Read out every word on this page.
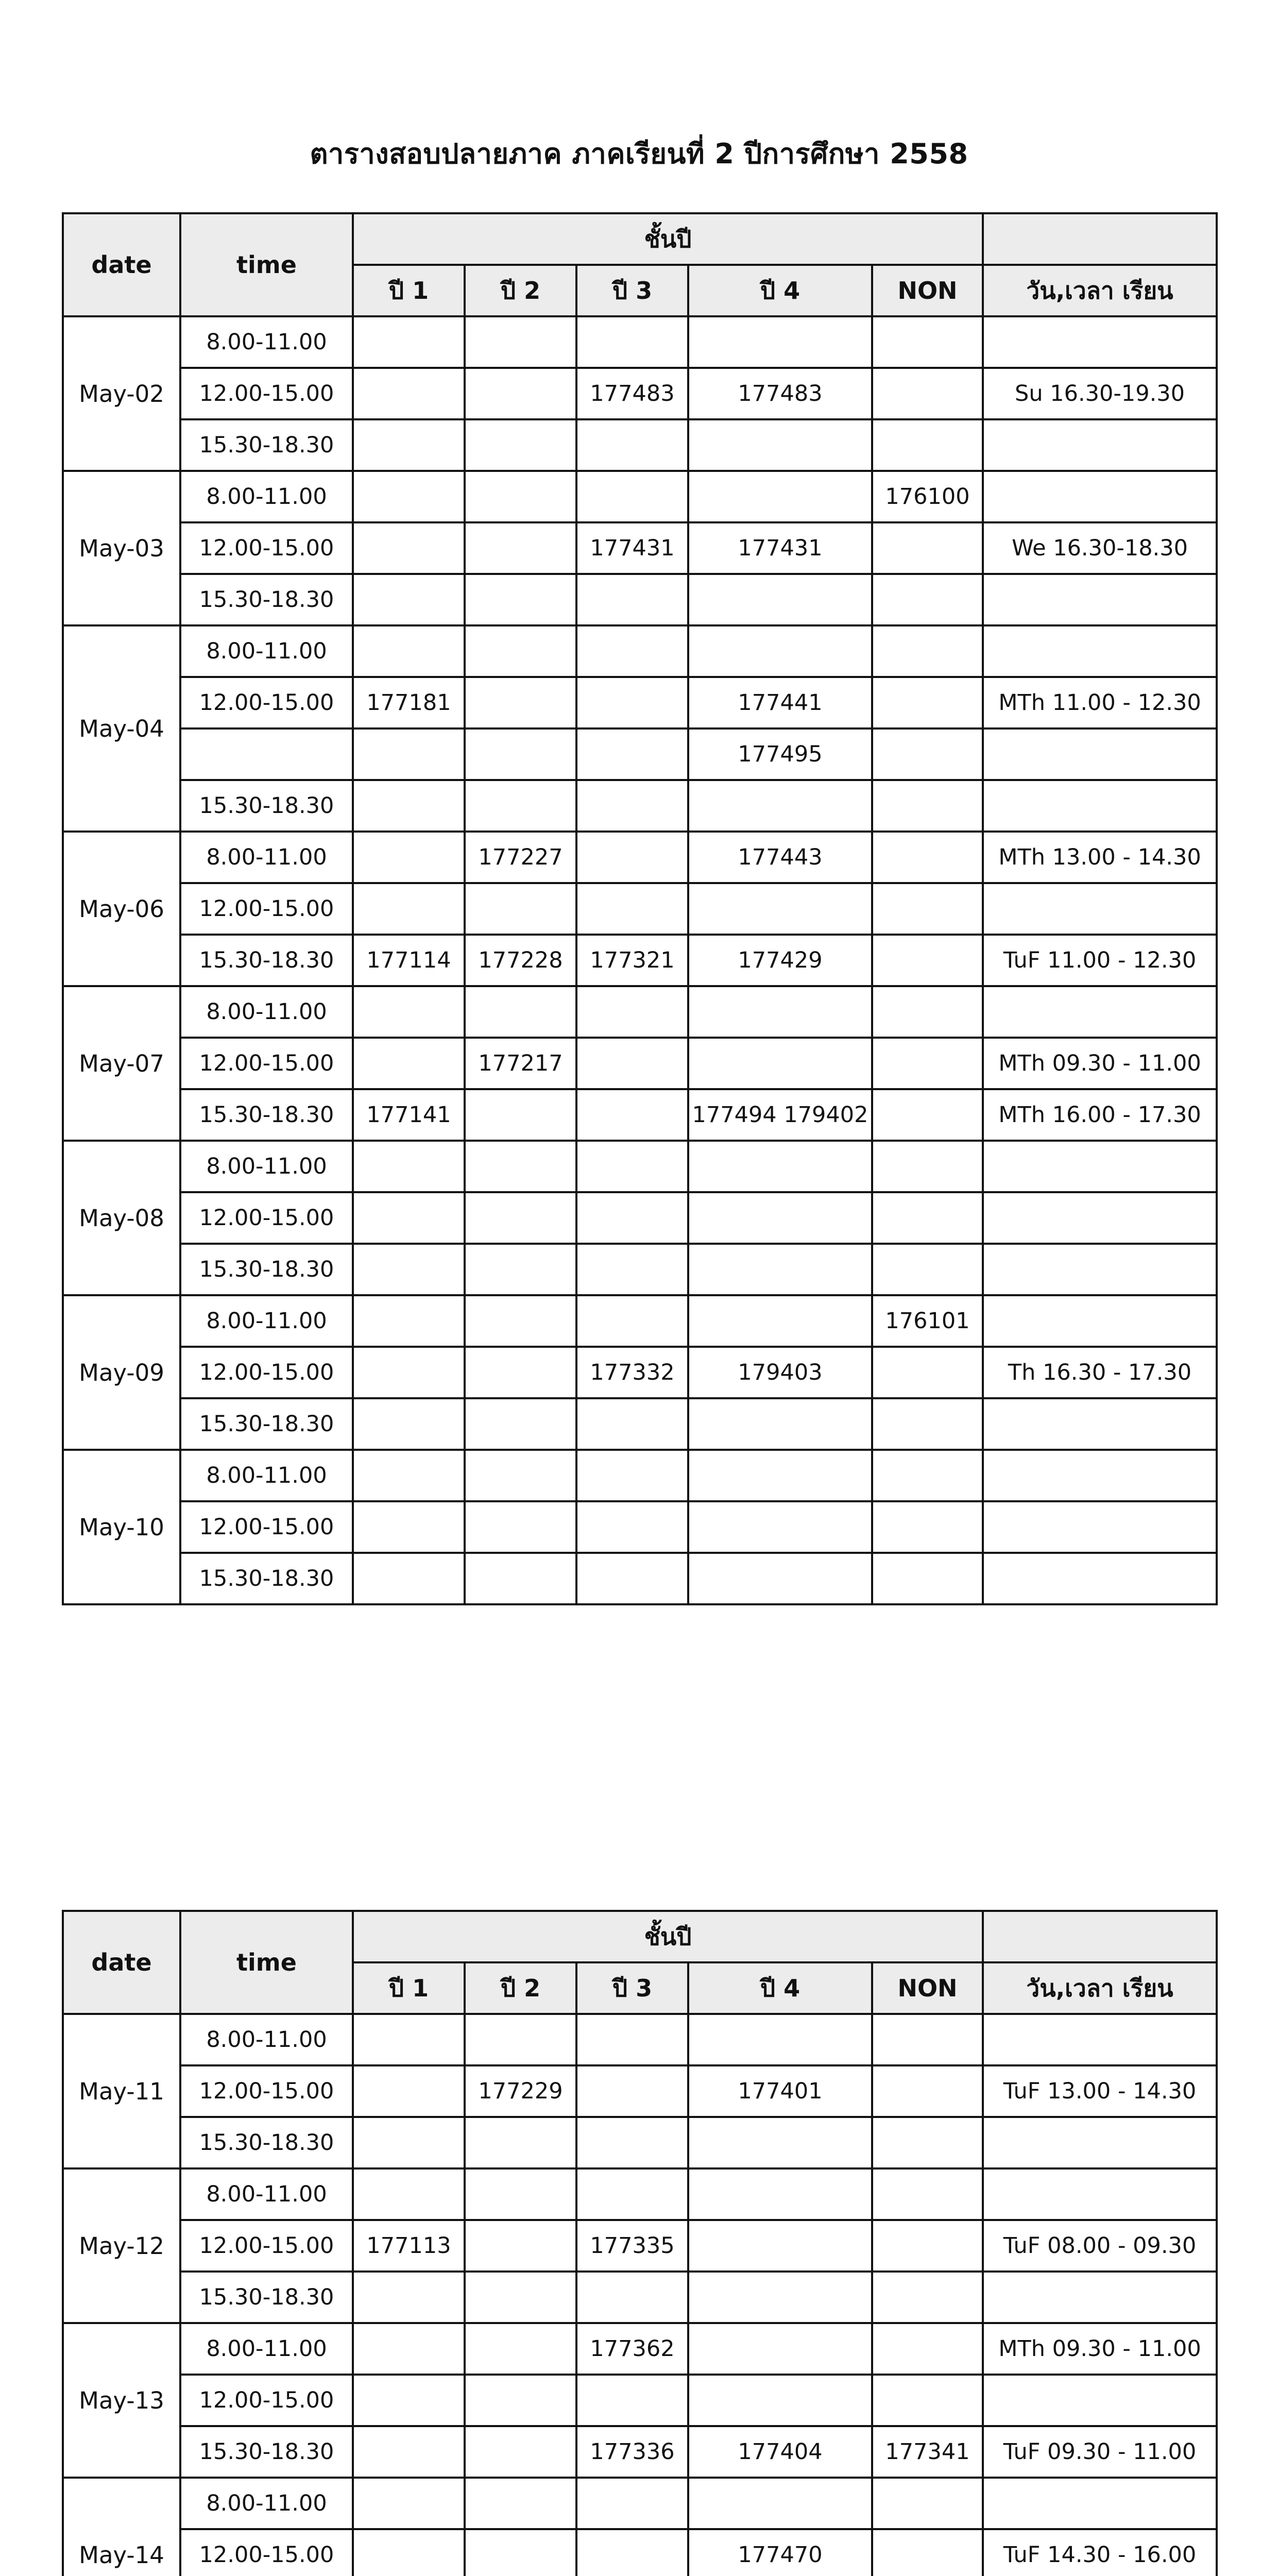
ตารางสอบปลายภาค ภาคเรียนที่ 2 ปีการศึกษา 2558
date	time	ชั้นปี					
		ปี 1	ปี 2	ปี 3	ปี 4	NON	วัน,เวลา เรียน
May-02	8.00-11.00						
	12.00-15.00			177483	177483		Su 16.30-19.30
	15.30-18.30						
May-03	8.00-11.00					176100	
	12.00-15.00			177431	177431		We 16.30-18.30
	15.30-18.30						
May-04	8.00-11.00						
	12.00-15.00	177181			177441		MTh 11.00 - 12.30
					177495		
	15.30-18.30						
May-06	8.00-11.00		177227		177443		MTh 13.00 - 14.30
	12.00-15.00						
	15.30-18.30	177114	177228	177321	177429		TuF 11.00 - 12.30
May-07	8.00-11.00						
	12.00-15.00		177217				MTh 09.30 - 11.00
	15.30-18.30	177141			177494 179402		MTh 16.00 - 17.30
May-08	8.00-11.00						
	12.00-15.00						
	15.30-18.30						
May-09	8.00-11.00					176101	
	12.00-15.00			177332	179403		Th 16.30 - 17.30
	15.30-18.30						
May-10	8.00-11.00						
	12.00-15.00						
	15.30-18.30						
date	time	ชั้นปี					
		ปี 1	ปี 2	ปี 3	ปี 4	NON	วัน,เวลา เรียน
May-11	8.00-11.00						
	12.00-15.00		177229		177401		TuF 13.00 - 14.30
	15.30-18.30						
May-12	8.00-11.00						
	12.00-15.00	177113		177335			TuF 08.00 - 09.30
	15.30-18.30						
May-13	8.00-11.00			177362			MTh 09.30 - 11.00
	12.00-15.00						
	15.30-18.30			177336	177404	177341	TuF 09.30 - 11.00
May-14	8.00-11.00						
	12.00-15.00				177470		TuF 14.30 - 16.00
